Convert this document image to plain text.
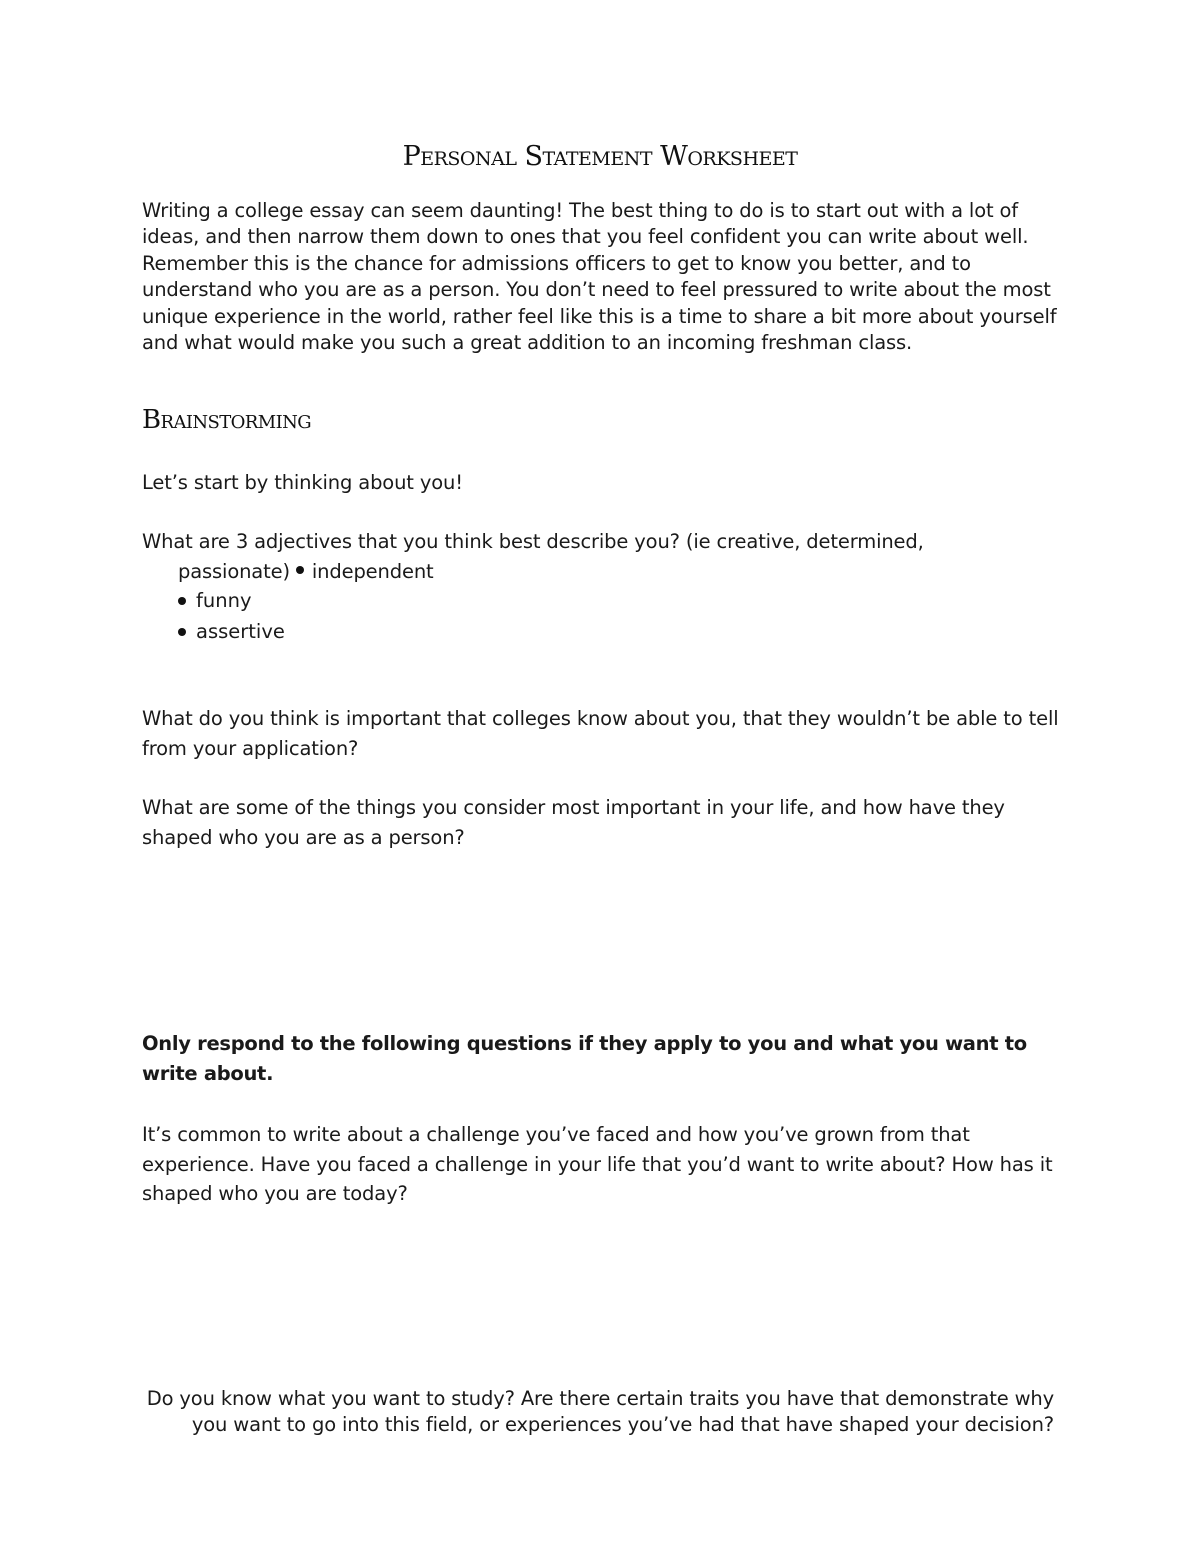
Personal Statement Worksheet

Writing a college essay can seem daunting! The best thing to do is to start out with a lot of ideas, and then narrow them down to ones that you feel confident you can write about well. Remember this is the chance for admissions officers to get to know you better, and to understand who you are as a person. You don’t need to feel pressured to write about the most unique experience in the world, rather feel like this is a time to share a bit more about yourself and what would make you such a great addition to an incoming freshman class.

Brainstorming

Let’s start by thinking about you!

What are 3 adjectives that you think best describe you? (ie creative, determined,
passionate) independent
funny
assertive

What do you think is important that colleges know about you, that they wouldn’t be able to tell from your application?

What are some of the things you consider most important in your life, and how have they shaped who you are as a person?

Only respond to the following questions if they apply to you and what you want to write about.

It’s common to write about a challenge you’ve faced and how you’ve grown from that experience. Have you faced a challenge in your life that you’d want to write about? How has it shaped who you are today?

Do you know what you want to study? Are there certain traits you have that demonstrate why you want to go into this field, or experiences you’ve had that have shaped your decision?
